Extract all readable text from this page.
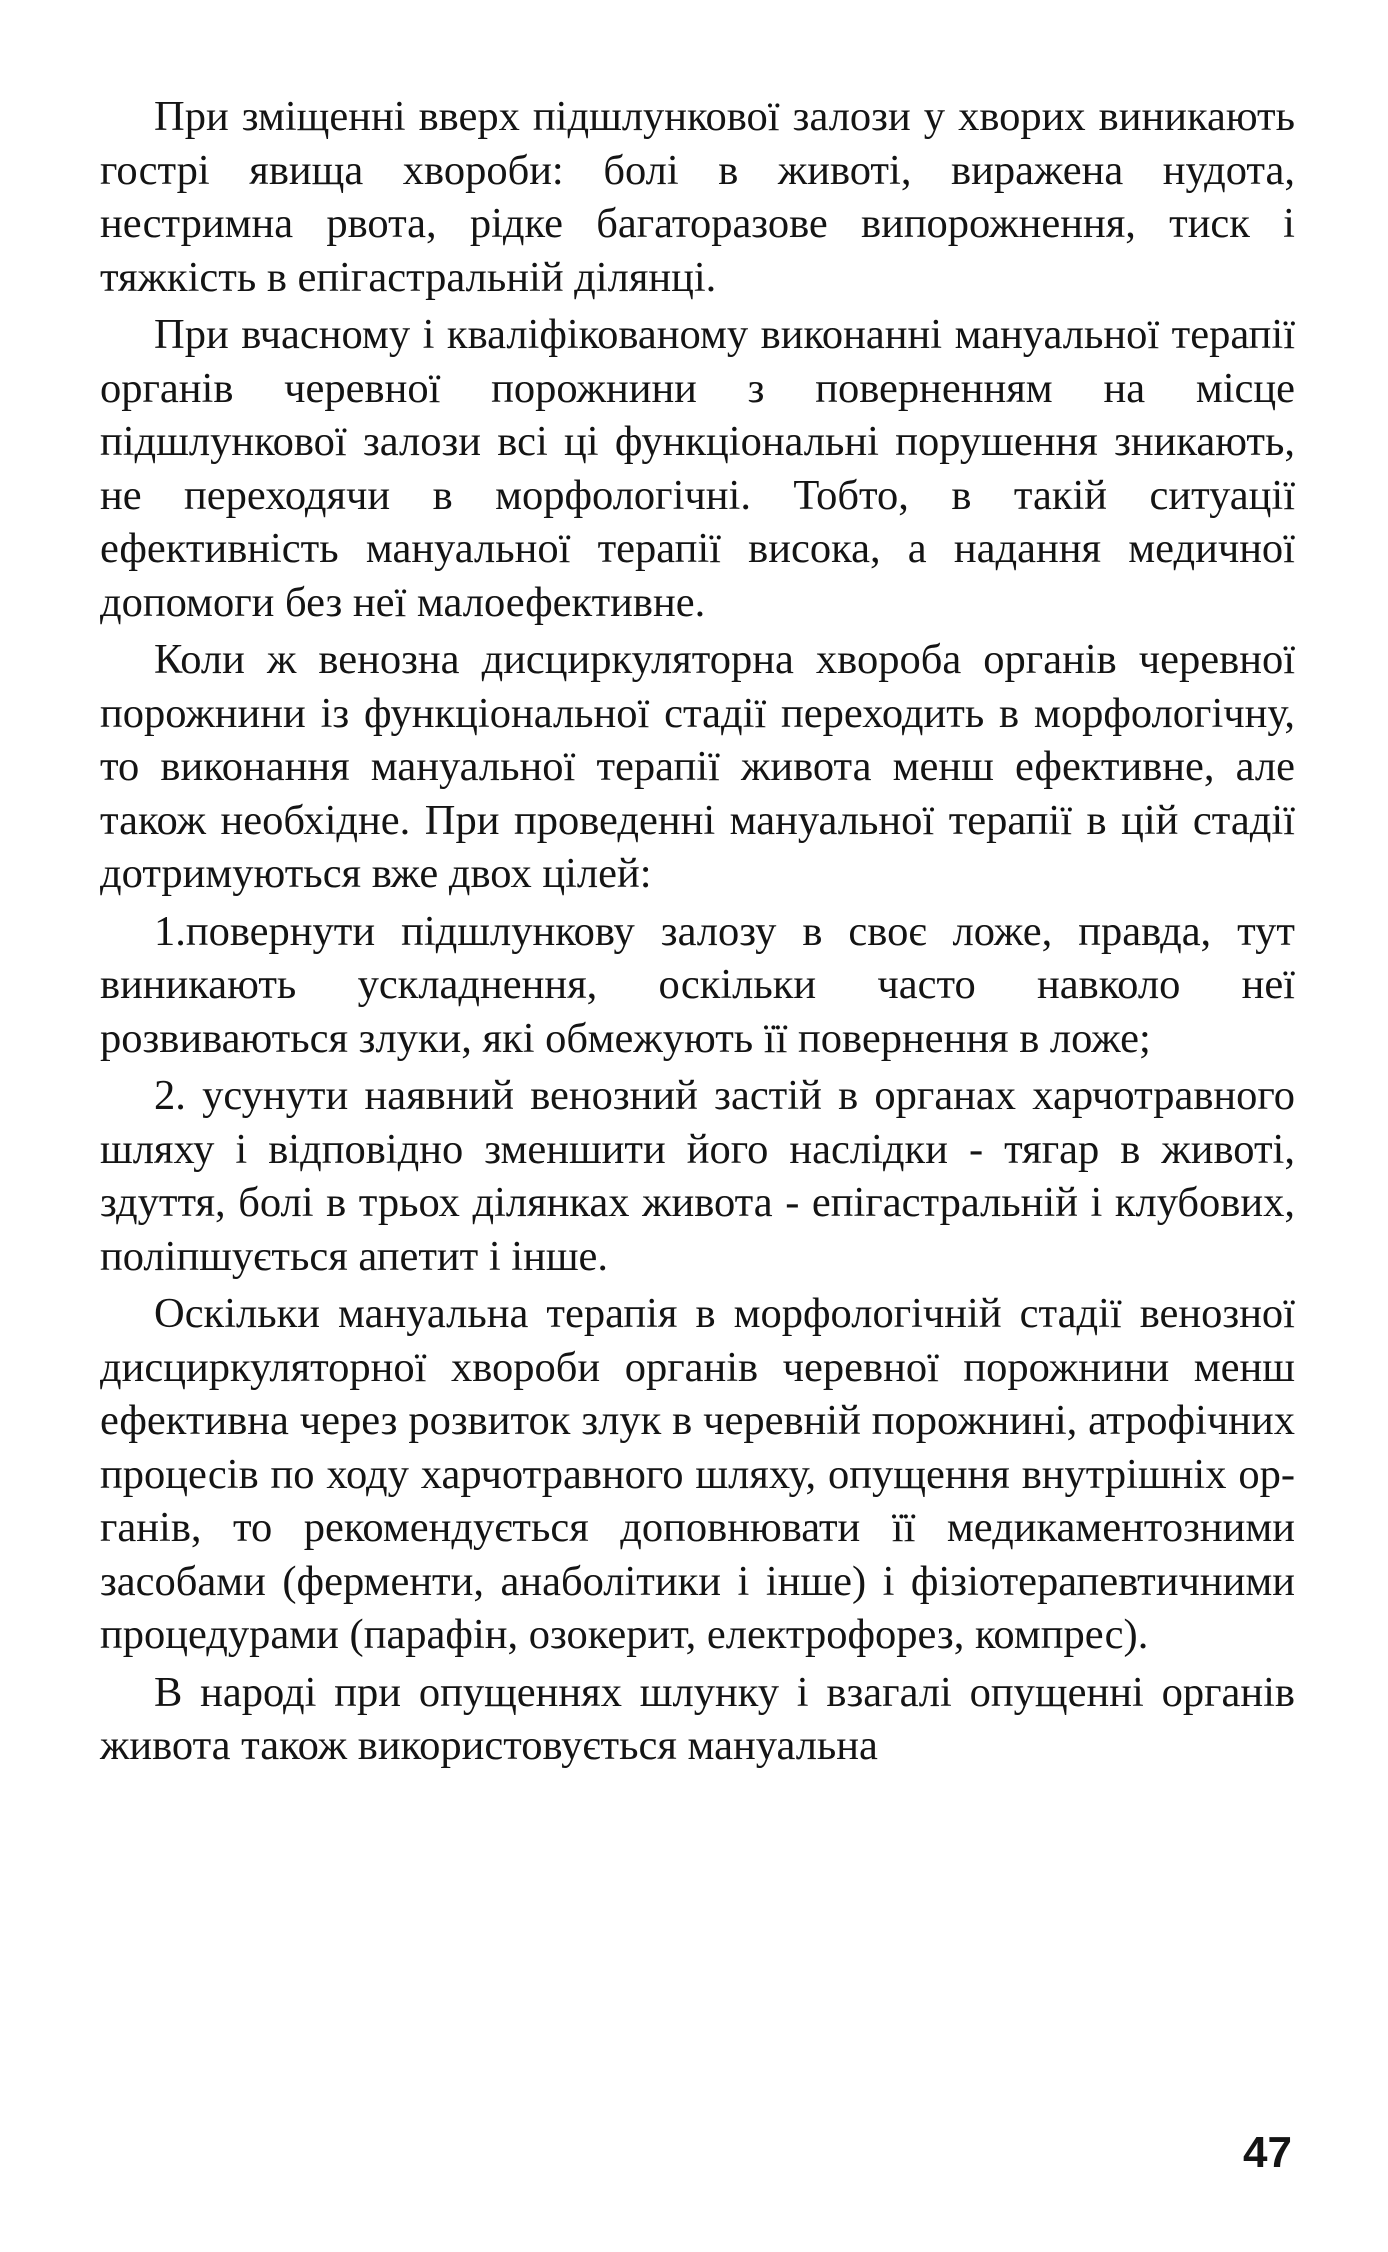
При зміщенні вверх підшлункової залози у хворих виникають гострі явища хвороби: болі в животі, виражена нудота, нестримна рвота, рідке багаторазове випорожнення, тиск і тяжкість в епігастральній ділянці.

При вчасному і кваліфікованому виконанні мануальної терапії органів черевної порожнини з поверненням на місце підшлункової залози всі ці функціональні порушення зникають, не переходячи в морфологічні. Тобто, в такій ситуації ефективність мануальної терапії висока, а надання медичної допомоги без неї малоефективне.

Коли ж венозна дисциркуляторна хвороба органів черевної порожнини із функціональної стадії переходить в морфологічну, то виконання мануальної терапії живота менш ефективне, але також необхідне. При проведенні мануальної терапії в цій стадії дотримуються вже двох цілей:

1.повернути підшлункову залозу в своє ложе, правда, тут виникають ускладнення, оскільки часто навколо неї розвиваються злуки, які обмежують її повернення в ложе;

2. усунути наявний венозний застій в органах харчотравного шляху і відповідно зменшити його наслідки - тягар в животі, здуття, болі в трьох ділянках живота - епігастральній і клубових, поліпшується апетит і інше.

Оскільки мануальна терапія в морфологічній стадії венозної дисциркуляторної хвороби органів черевної порожнини менш ефективна через розвиток злук в черевній порожнині, атрофічних процесів по ходу харчотравного шляху, опущення внутрішніх органів, то рекомендується доповнювати її медикаментозними засобами (ферменти, анаболітики і інше) і фізіотерапевтичними процедурами (парафін, озокерит, електрофорез, компрес).

В народі при опущеннях шлунку і взагалі опущенні органів живота також використовується мануальна

47
